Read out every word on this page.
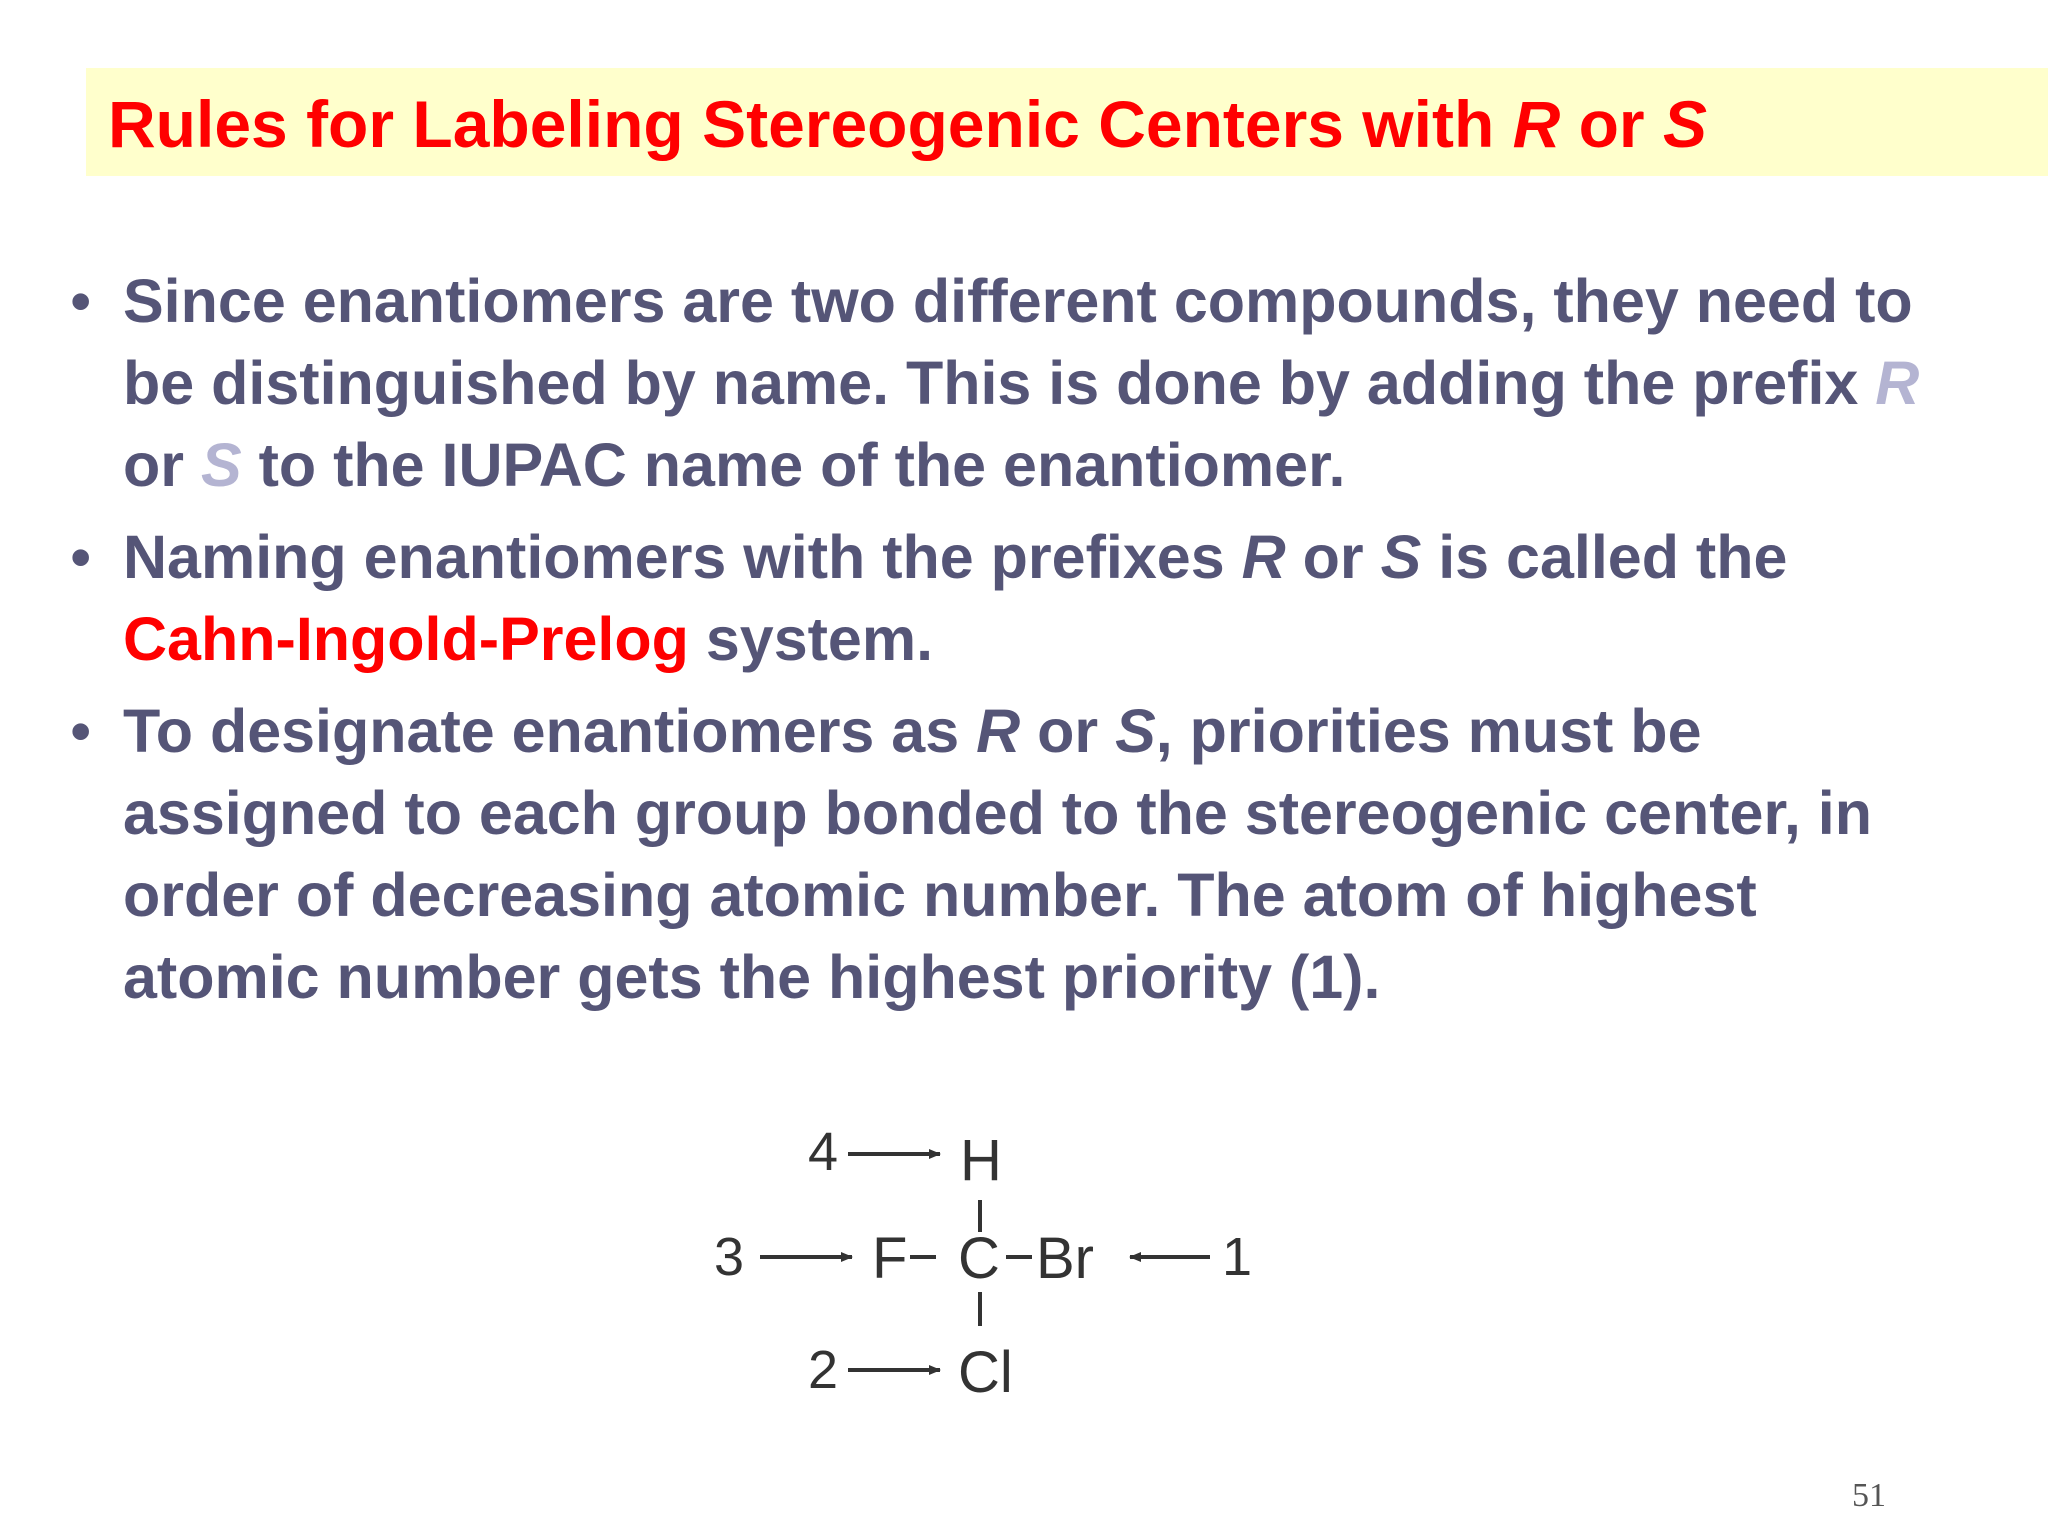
Rules for Labeling Stereogenic Centers with R or S
• Since enantiomers are two different compounds, they need to be distinguished by name. This is done by adding the prefix R or S to the IUPAC name of the enantiomer.
• Naming enantiomers with the prefixes R or S is called the Cahn-Ingold-Prelog system.
• To designate enantiomers as R or S, priorities must be assigned to each group bonded to the stereogenic center, in order of decreasing atomic number. The atom of highest atomic number gets the highest priority (1).
4 H
3 F C Br 1
2 Cl
51
